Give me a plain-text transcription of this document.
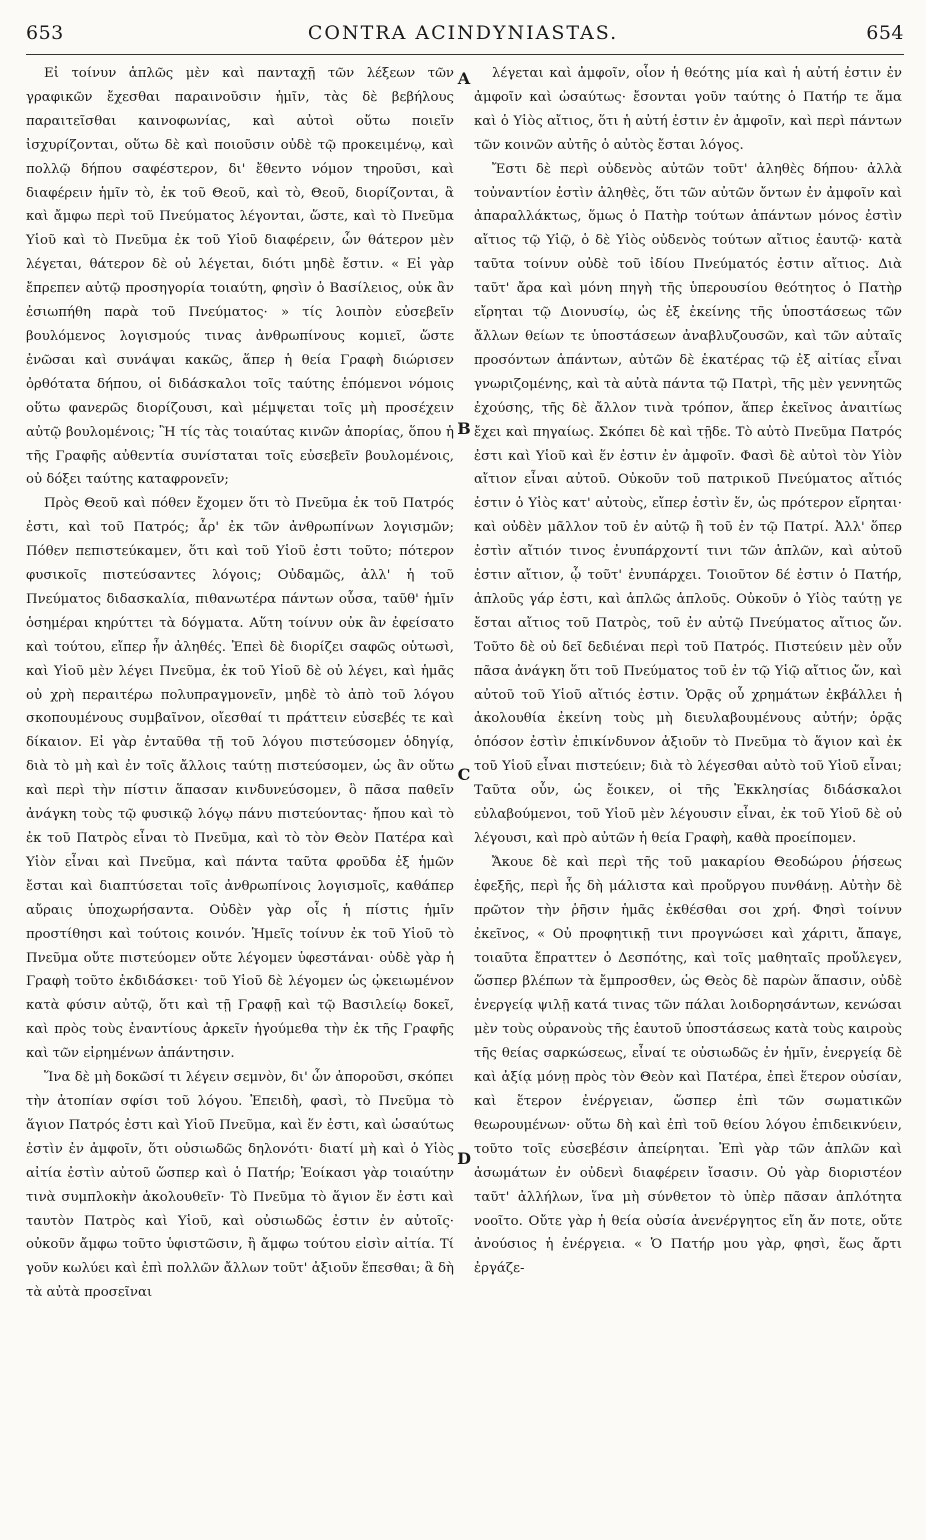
653	CONTRA ACINDYNIASTAS.	654

Εἰ τοίνυν ἁπλῶς μὲν καὶ πανταχῇ τῶν λέξεων τῶν γραφικῶν ἔχεσθαι παραινοῦσιν ἡμῖν, τὰς δὲ βεβήλους παραιτεῖσθαι καινοφωνίας, καὶ αὐτοὶ οὕτω ποιεῖν ἰσχυρίζονται, οὕτω δὲ καὶ ποιοῦσιν οὐδὲ τῷ προκειμένῳ, καὶ πολλῷ δήπου σαφέστερον, δι' ἔθεντο νόμον τηροῦσι, καὶ διαφέρειν ἡμῖν τὸ, ἐκ τοῦ Θεοῦ, καὶ τὸ, Θεοῦ, διορίζονται, ἃ καὶ ἄμφω περὶ τοῦ Πνεύματος λέγονται, ὥστε, καὶ τὸ Πνεῦμα Υἱοῦ καὶ τὸ Πνεῦμα ἐκ τοῦ Υἱοῦ διαφέρειν, ὧν θάτερον μὲν λέγεται, θάτερον δὲ οὐ λέγεται, διότι μηδὲ ἔστιν. « Εἰ γὰρ ἔπρεπεν αὐτῷ προσηγορία τοιαύτη, φησὶν ὁ Βασίλειος, οὐκ ἂν ἐσιωπήθη παρὰ τοῦ Πνεύματος· » τίς λοιπὸν εὐσεβεῖν βουλόμενος λογισμούς τινας ἀνθρωπίνους κομιεῖ, ὥστε ἑνῶσαι καὶ συνάψαι κακῶς, ἅπερ ἡ θεία Γραφὴ διώρισεν ὀρθότατα δήπου, οἱ διδάσκαλοι τοῖς ταύτης ἑπόμενοι νόμοις οὕτω φανερῶς διορίζουσι, καὶ μέμψεται τοῖς μὴ προσέχειν αὐτῷ βουλομένοις; Ἢ τίς τὰς τοιαύτας κινῶν ἀπορίας, ὅπου ἡ τῆς Γραφῆς αὐθεντία συνίσταται τοῖς εὐσεβεῖν βουλομένοις, οὐ δόξει ταύτης καταφρονεῖν;

Πρὸς Θεοῦ καὶ πόθεν ἔχομεν ὅτι τὸ Πνεῦμα ἐκ τοῦ Πατρός ἐστι, καὶ τοῦ Πατρός; ἆρ' ἐκ τῶν ἀνθρωπίνων λογισμῶν; Πόθεν πεπιστεύκαμεν, ὅτι καὶ τοῦ Υἱοῦ ἐστι τοῦτο; πότερον φυσικοῖς πιστεύσαντες λόγοις; Οὐδαμῶς, ἀλλ' ἡ τοῦ Πνεύματος διδασκαλία, πιθανωτέρα πάντων οὖσα, ταῦθ' ἡμῖν ὁσημέραι κηρύττει τὰ δόγματα. Αὕτη τοίνυν οὐκ ἂν ἐφείσατο καὶ τούτου, εἴπερ ἦν ἀληθές. Ἐπεὶ δὲ διορίζει σαφῶς οὑτωσὶ, καὶ Υἱοῦ μὲν λέγει Πνεῦμα, ἐκ τοῦ Υἱοῦ δὲ οὐ λέγει, καὶ ἡμᾶς οὐ χρὴ περαιτέρω πολυπραγμονεῖν, μηδὲ τὸ ἀπὸ τοῦ λόγου σκοπουμένους συμβαῖνον, οἴεσθαί τι πράττειν εὐσεβές τε καὶ δίκαιον. Εἰ γὰρ ἐνταῦθα τῇ τοῦ λόγου πιστεύσομεν ὁδηγίᾳ, διὰ τὸ μὴ καὶ ἐν τοῖς ἄλλοις ταύτῃ πιστεύσομεν, ὡς ἂν οὕτω καὶ περὶ τὴν πίστιν ἅπασαν κινδυνεύσομεν, ὃ πᾶσα παθεῖν ἀνάγκη τοὺς τῷ φυσικῷ λόγῳ πάνυ πιστεύοντας· ἤπου καὶ τὸ ἐκ τοῦ Πατρὸς εἶναι τὸ Πνεῦμα, καὶ τὸ τὸν Θεὸν Πατέρα καὶ Υἱὸν εἶναι καὶ Πνεῦμα, καὶ πάντα ταῦτα φροῦδα ἐξ ἡμῶν ἔσται καὶ διαπτύσεται τοῖς ἀνθρωπίνοις λογισμοῖς, καθάπερ αὔραις ὑποχωρήσαντα. Οὐδὲν γὰρ οἷς ἡ πίστις ἡμῖν προστίθησι καὶ τούτοις κοινόν. Ἡμεῖς τοίνυν ἐκ τοῦ Υἱοῦ τὸ Πνεῦμα οὔτε πιστεύομεν οὔτε λέγομεν ὑφεστάναι· οὐδὲ γὰρ ἡ Γραφὴ τοῦτο ἐκδιδάσκει· τοῦ Υἱοῦ δὲ λέγομεν ὡς ᾠκειωμένον κατὰ φύσιν αὐτῷ, ὅτι καὶ τῇ Γραφῇ καὶ τῷ Βασιλείῳ δοκεῖ, καὶ πρὸς τοὺς ἐναντίους ἀρκεῖν ἡγούμεθα τὴν ἐκ τῆς Γραφῆς καὶ τῶν εἰρημένων ἀπάντησιν.

Ἵνα δὲ μὴ δοκῶσί τι λέγειν σεμνὸν, δι' ὧν ἀποροῦσι, σκόπει τὴν ἀτοπίαν σφίσι τοῦ λόγου. Ἐπειδὴ, φασὶ, τὸ Πνεῦμα τὸ ἅγιον Πατρός ἐστι καὶ Υἱοῦ Πνεῦμα, καὶ ἕν ἐστι, καὶ ὡσαύτως ἐστὶν ἐν ἀμφοῖν, ὅτι οὐσιωδῶς δηλονότι· διατί μὴ καὶ ὁ Υἱὸς αἰτία ἐστὶν αὐτοῦ ὥσπερ καὶ ὁ Πατήρ; Ἐοίκασι γὰρ τοιαύτην τινὰ συμπλοκὴν ἀκολουθεῖν· Τὸ Πνεῦμα τὸ ἅγιον ἕν ἐστι καὶ ταυτὸν Πατρὸς καὶ Υἱοῦ, καὶ οὐσιωδῶς ἐστιν ἐν αὐτοῖς· οὐκοῦν ἄμφω τοῦτο ὑφιστῶσιν, ἢ ἄμφω τούτου εἰσὶν αἰτία. Τί γοῦν κωλύει καὶ ἐπὶ πολλῶν ἄλλων τοῦτ' ἀξιοῦν ἕπεσθαι; ἃ δὴ τὰ αὐτὰ προσεῖναι

A
B
C
D

λέγεται καὶ ἀμφοῖν, οἷον ἡ θεότης μία καὶ ἡ αὐτή ἐστιν ἐν ἀμφοῖν καὶ ὡσαύτως· ἔσονται γοῦν ταύτης ὁ Πατήρ τε ἅμα καὶ ὁ Υἱὸς αἴτιος, ὅτι ἡ αὐτή ἐστιν ἐν ἀμφοῖν, καὶ περὶ πάντων τῶν κοινῶν αὐτῆς ὁ αὐτὸς ἔσται λόγος.

Ἔστι δὲ περὶ οὐδενὸς αὐτῶν τοῦτ' ἀληθὲς δήπου· ἀλλὰ τοὐναντίον ἐστὶν ἀληθὲς, ὅτι τῶν αὐτῶν ὄντων ἐν ἀμφοῖν καὶ ἀπαραλλάκτως, ὅμως ὁ Πατὴρ τούτων ἁπάντων μόνος ἐστὶν αἴτιος τῷ Υἱῷ, ὁ δὲ Υἱὸς οὐδενὸς τούτων αἴτιος ἑαυτῷ· κατὰ ταῦτα τοίνυν οὐδὲ τοῦ ἰδίου Πνεύματός ἐστιν αἴτιος. Διὰ ταῦτ' ἄρα καὶ μόνη πηγὴ τῆς ὑπερουσίου θεότητος ὁ Πατὴρ εἴρηται τῷ Διονυσίῳ, ὡς ἐξ ἐκείνης τῆς ὑποστάσεως τῶν ἄλλων θείων τε ὑποστάσεων ἀναβλυζουσῶν, καὶ τῶν αὐταῖς προσόντων ἁπάντων, αὐτῶν δὲ ἑκατέρας τῷ ἐξ αἰτίας εἶναι γνωριζομένης, καὶ τὰ αὐτὰ πάντα τῷ Πατρὶ, τῆς μὲν γεννητῶς ἐχούσης, τῆς δὲ ἄλλον τινὰ τρόπον, ἅπερ ἐκεῖνος ἀναιτίως ἔχει καὶ πηγαίως. Σκόπει δὲ καὶ τῇδε. Τὸ αὐτὸ Πνεῦμα Πατρός ἐστι καὶ Υἱοῦ καὶ ἕν ἐστιν ἐν ἀμφοῖν. Φασὶ δὲ αὐτοὶ τὸν Υἱὸν αἴτιον εἶναι αὐτοῦ. Οὐκοῦν τοῦ πατρικοῦ Πνεύματος αἴτιός ἐστιν ὁ Υἱὸς κατ' αὐτοὺς, εἴπερ ἐστὶν ἕν, ὡς πρότερον εἴρηται· καὶ οὐδὲν μᾶλλον τοῦ ἐν αὐτῷ ἢ τοῦ ἐν τῷ Πατρί. Ἀλλ' ὅπερ ἐστὶν αἴτιόν τινος ἐνυπάρχοντί τινι τῶν ἁπλῶν, καὶ αὐτοῦ ἐστιν αἴτιον, ᾧ τοῦτ' ἐνυπάρχει. Τοιοῦτον δέ ἐστιν ὁ Πατήρ, ἁπλοῦς γάρ ἐστι, καὶ ἁπλῶς ἁπλοῦς. Οὐκοῦν ὁ Υἱὸς ταύτῃ γε ἔσται αἴτιος τοῦ Πατρὸς, τοῦ ἐν αὐτῷ Πνεύματος αἴτιος ὤν. Τοῦτο δὲ οὐ δεῖ δεδιέναι περὶ τοῦ Πατρός. Πιστεύειν μὲν οὖν πᾶσα ἀνάγκη ὅτι τοῦ Πνεύματος τοῦ ἐν τῷ Υἱῷ αἴτιος ὤν, καὶ αὐτοῦ τοῦ Υἱοῦ αἴτιός ἐστιν. Ὁρᾷς οὗ χρημάτων ἐκβάλλει ἡ ἀκολουθία ἐκείνη τοὺς μὴ διευλαβουμένους αὐτήν; ὁρᾷς ὁπόσον ἐστὶν ἐπικίνδυνον ἀξιοῦν τὸ Πνεῦμα τὸ ἅγιον καὶ ἐκ τοῦ Υἱοῦ εἶναι πιστεύειν; διὰ τὸ λέγεσθαι αὐτὸ τοῦ Υἱοῦ εἶναι; Ταῦτα οὖν, ὡς ἔοικεν, οἱ τῆς Ἐκκλησίας διδάσκαλοι εὐλαβούμενοι, τοῦ Υἱοῦ μὲν λέγουσιν εἶναι, ἐκ τοῦ Υἱοῦ δὲ οὐ λέγουσι, καὶ πρὸ αὐτῶν ἡ θεία Γραφὴ, καθὰ προείπομεν.

Ἄκουε δὲ καὶ περὶ τῆς τοῦ μακαρίου Θεοδώρου ῥήσεως ἐφεξῆς, περὶ ἧς δὴ μάλιστα καὶ προὔργου πυνθάνῃ. Αὐτὴν δὲ πρῶτον τὴν ῥῆσιν ἡμᾶς ἐκθέσθαι σοι χρή. Φησὶ τοίνυν ἐκεῖνος, « Οὐ προφητικῇ τινι προγνώσει καὶ χάριτι, ἄπαγε, τοιαῦτα ἔπραττεν ὁ Δεσπότης, καὶ τοῖς μαθηταῖς προὔλεγεν, ὥσπερ βλέπων τὰ ἔμπροσθεν, ὡς Θεὸς δὲ παρὼν ἅπασιν, οὐδὲ ἐνεργείᾳ ψιλῇ κατά τινας τῶν πάλαι λοιδορησάντων, κενώσαι μὲν τοὺς οὐρανοὺς τῆς ἑαυτοῦ ὑποστάσεως κατὰ τοὺς καιροὺς τῆς θείας σαρκώσεως, εἶναί τε οὐσιωδῶς ἐν ἡμῖν, ἐνεργείᾳ δὲ καὶ ἀξίᾳ μόνῃ πρὸς τὸν Θεὸν καὶ Πατέρα, ἐπεὶ ἕτερον οὐσίαν, καὶ ἕτερον ἐνέργειαν, ὥσπερ ἐπὶ τῶν σωματικῶν θεωρουμένων· οὕτω δὴ καὶ ἐπὶ τοῦ θείου λόγου ἐπιδεικνύειν, τοῦτο τοῖς εὐσεβέσιν ἀπείρηται. Ἐπὶ γὰρ τῶν ἁπλῶν καὶ ἀσωμάτων ἐν οὐδενὶ διαφέρειν ἴσασιν. Οὐ γὰρ διοριστέον ταῦτ' ἀλλήλων, ἵνα μὴ σύνθετον τὸ ὑπὲρ πᾶσαν ἁπλότητα νοοῖτο. Οὔτε γὰρ ἡ θεία οὐσία ἀνενέργητος εἴη ἄν ποτε, οὔτε ἀνούσιος ἡ ἐνέργεια. « Ὁ Πατήρ μου γὰρ, φησὶ, ἕως ἄρτι ἐργάζε-
